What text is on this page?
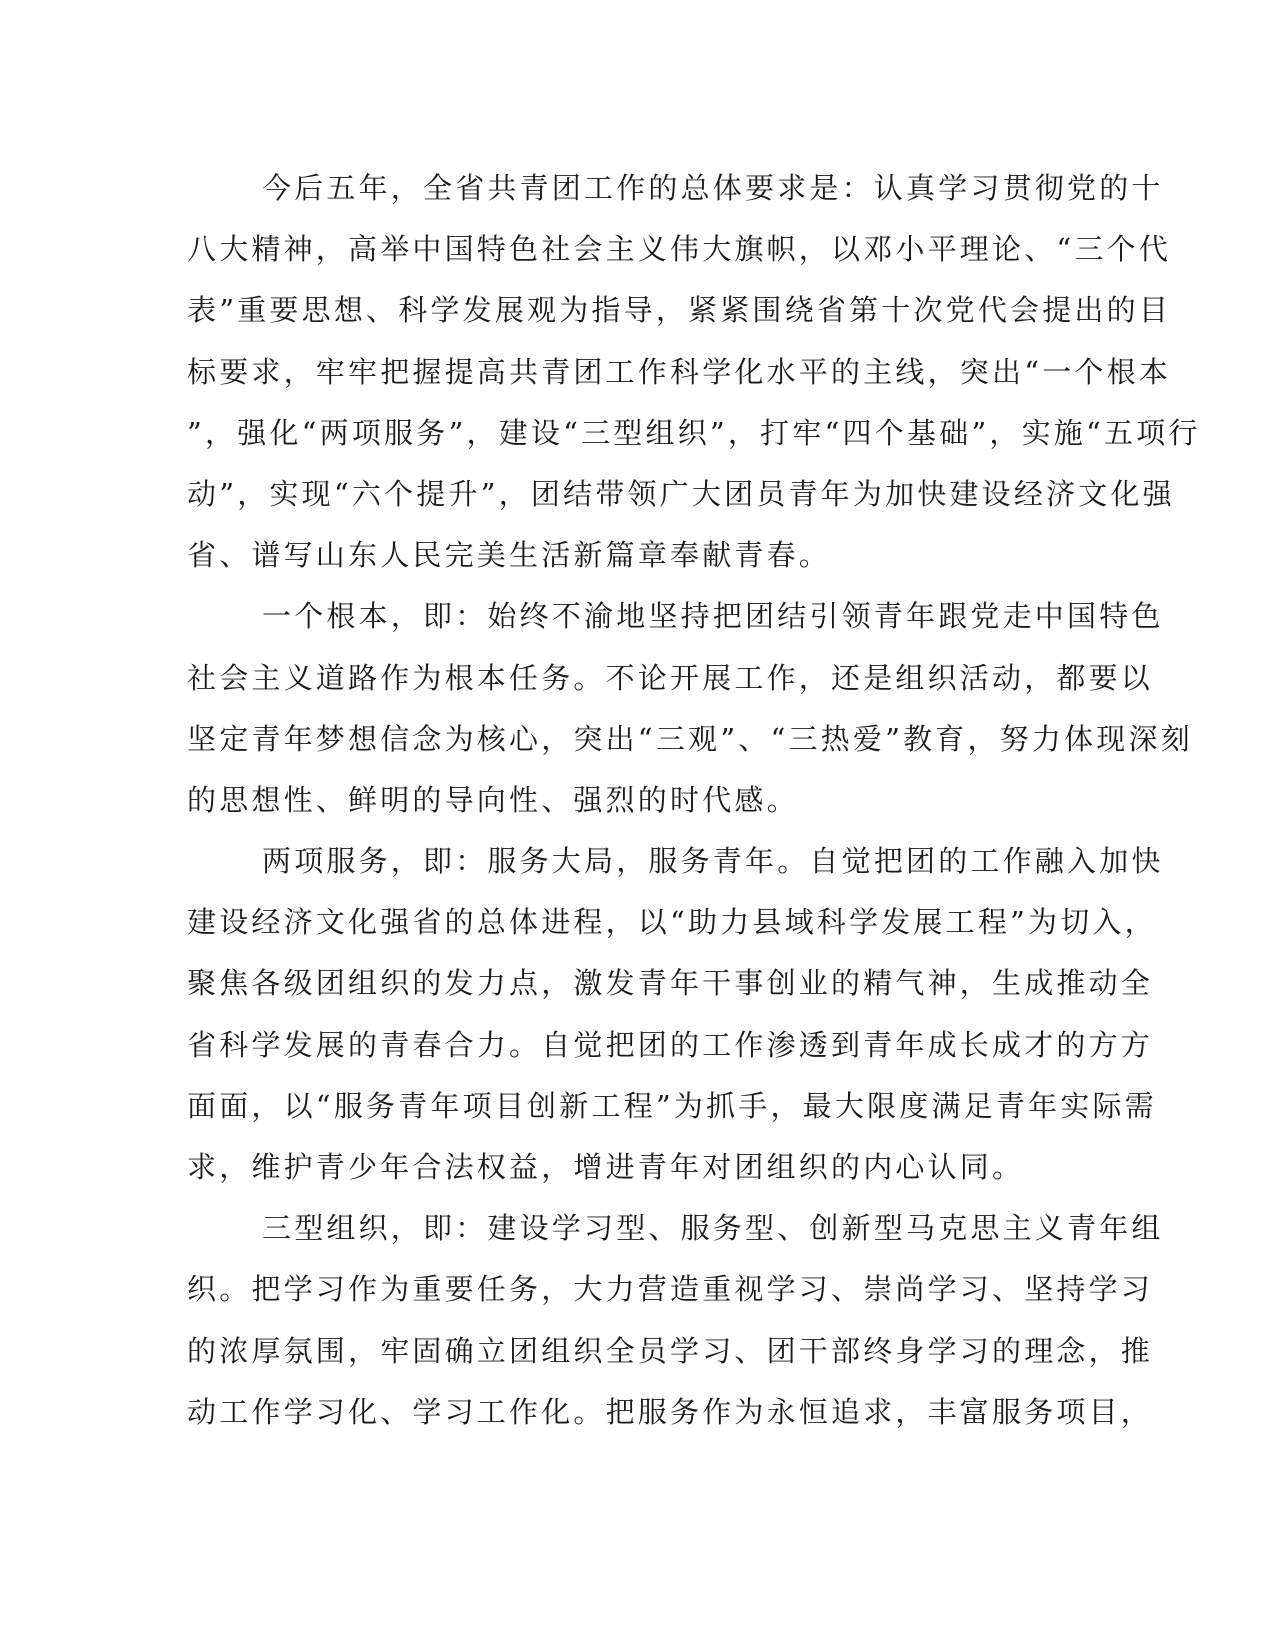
今后五年，全省共青团工作的总体要求是：认真学习贯彻党的十
八大精神，高举中国特色社会主义伟大旗帜，以邓小平理论、“三个代
表”重要思想、科学发展观为指导，紧紧围绕省第十次党代会提出的目
标要求，牢牢把握提高共青团工作科学化水平的主线，突出“一个根本
”，强化“两项服务”，建设“三型组织”，打牢“四个基础”，实施“五项行
动”，实现“六个提升”，团结带领广大团员青年为加快建设经济文化强
省、谱写山东人民完美生活新篇章奉献青春。
一个根本，即：始终不渝地坚持把团结引领青年跟党走中国特色
社会主义道路作为根本任务。不论开展工作，还是组织活动，都要以
坚定青年梦想信念为核心，突出“三观”、“三热爱”教育，努力体现深刻
的思想性、鲜明的导向性、强烈的时代感。
两项服务，即：服务大局，服务青年。自觉把团的工作融入加快
建设经济文化强省的总体进程，以“助力县域科学发展工程”为切入，
聚焦各级团组织的发力点，激发青年干事创业的精气神，生成推动全
省科学发展的青春合力。自觉把团的工作渗透到青年成长成才的方方
面面，以“服务青年项目创新工程”为抓手，最大限度满足青年实际需
求，维护青少年合法权益，增进青年对团组织的内心认同。
三型组织，即：建设学习型、服务型、创新型马克思主义青年组
织。把学习作为重要任务，大力营造重视学习、崇尚学习、坚持学习
的浓厚氛围，牢固确立团组织全员学习、团干部终身学习的理念，推
动工作学习化、学习工作化。把服务作为永恒追求，丰富服务项目，
